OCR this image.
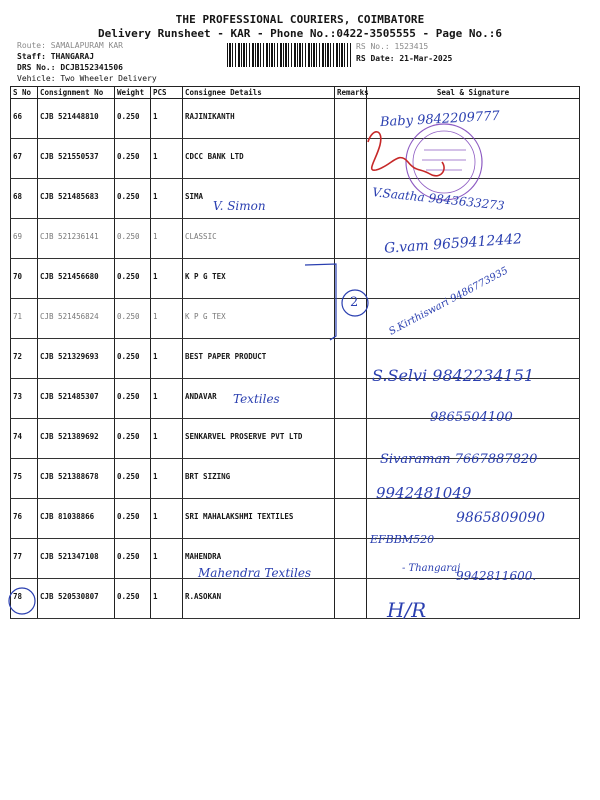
THE PROFESSIONAL COURIERS, COIMBATORE
Delivery Runsheet - KAR - Phone No.:0422-3505555 - Page No.:6
Route: SAMALAPURAM KAR
Staff: THANGARAJ
DRS No.: DCJB152341506
Vehicle: Two Wheeler Delivery
RS No.: 1523415
RS Date: 21-Mar-2025
S No	Consignment No	Weight	PCS	Consignee Details	Remarks	Seal & Signature
66	CJB 521448810	0.250	1	RAJINIKANTH		
67	CJB 521550537	0.250	1	CDCC BANK LTD		
68	CJB 521485683	0.250	1	SIMA		
69	CJB 521236141	0.250	1	CLASSIC		
70	CJB 521456680	0.250	1	K P G TEX		
71	CJB 521456824	0.250	1	K P G TEX		
72	CJB 521329693	0.250	1	BEST PAPER PRODUCT		
73	CJB 521485307	0.250	1	ANDAVAR		
74	CJB 521389692	0.250	1	SENKARVEL PROSERVE PVT LTD		
75	CJB 521388678	0.250	1	BRT SIZING		
76	CJB 81038866	0.250	1	SRI MAHALAKSHMI TEXTILES		
77	CJB 521347108	0.250	1	MAHENDRA		
78	CJB 520530807	0.250	1	R.ASOKAN		
Baby 9842209777
V. Simon	V.Saatha 9843633273
G.vam 9659412442
2	S.Kirthiswari 9486773935
S.Selvi 9842234151
Textiles
9865504100
Sivaraman 7667887820
9942481049
9865809090
EFBBM520
Mahendra Textiles	- Thangaraj
9942811600.
H/R
